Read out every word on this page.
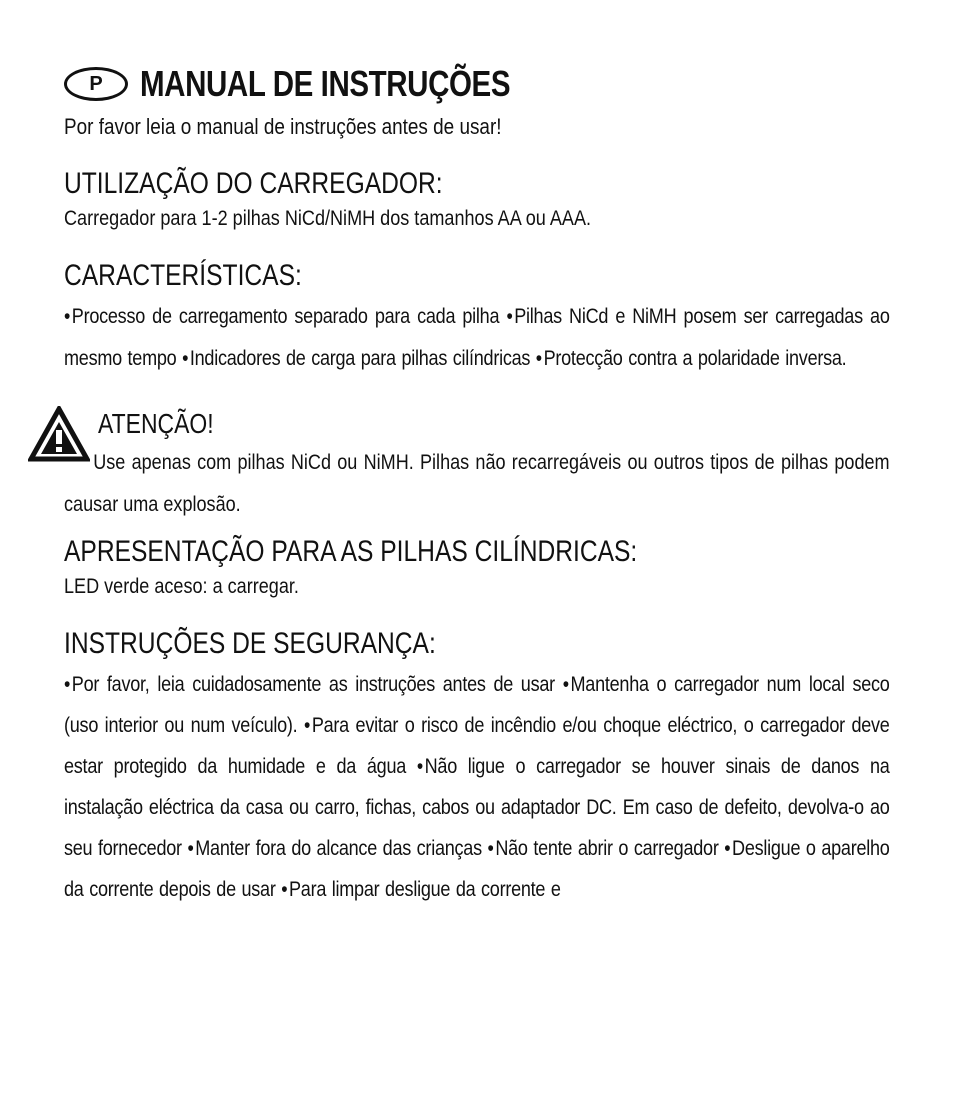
P	MANUAL DE INSTRUÇÕES
Por favor leia o manual de instruções antes de usar!
UTILIZAÇÃO DO CARREGADOR:
Carregador para 1-2 pilhas NiCd/NiMH dos tamanhos AA ou AAA.
CARACTERÍSTICAS:
•Processo de carregamento separado para cada pilha •Pilhas NiCd e NiMH posem ser carregadas ao mesmo tempo •Indicadores de carga para pilhas cilíndricas •Protecção contra a polaridade inversa.
ATENÇÃO!
Use apenas com pilhas NiCd ou NiMH. Pilhas não recarregáveis ou outros tipos de pilhas podem causar uma explosão.
APRESENTAÇÃO PARA AS PILHAS CILÍNDRICAS:
LED verde aceso: a carregar.
INSTRUÇÕES DE SEGURANÇA:
•Por favor, leia cuidadosamente as instruções antes de usar •Mantenha o carregador num local seco (uso interior ou num veículo). •Para evitar o risco de incêndio e/ou choque eléctrico, o carregador deve estar protegido da humidade e da água •Não ligue o carregador se houver sinais de danos na instalação eléctrica da casa ou carro, fichas, cabos ou adaptador DC. Em caso de defeito, devolva-o ao seu fornecedor •Manter fora do alcance das crianças •Não tente abrir o carregador •Desligue o aparelho da corrente depois de usar •Para limpar desligue da corrente e
